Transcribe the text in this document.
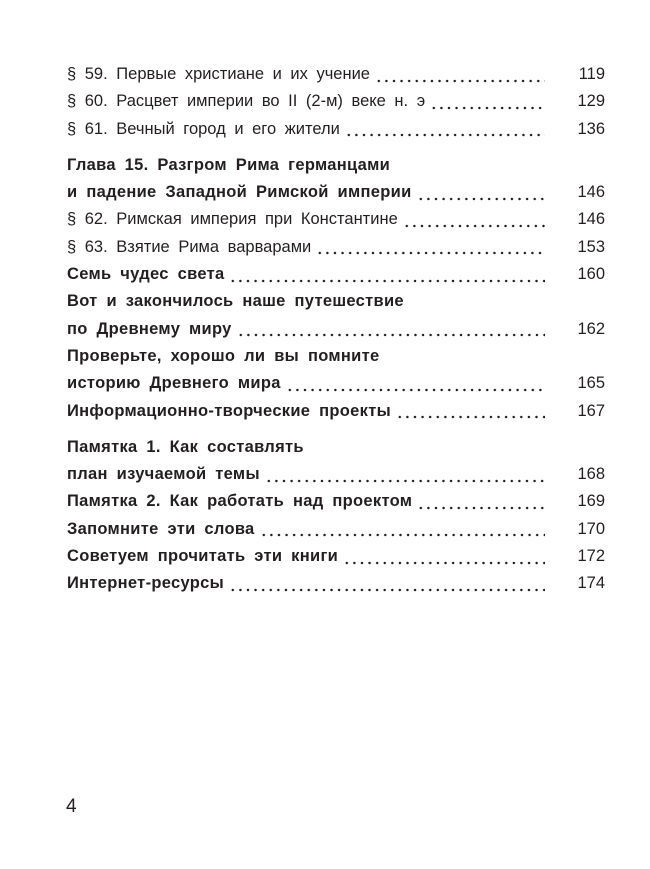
§ 59. Первые христиане и их учение	119
§ 60. Расцвет империи во II (2-м) веке н. э	129
§ 61. Вечный город и его жители	136
Глава 15. Разгром Рима германцами
и падение Западной Римской империи	146
§ 62. Римская империя при Константине	146
§ 63. Взятие Рима варварами	153
Семь чудес света	160
Вот и закончилось наше путешествие
по Древнему миру	162
Проверьте, хорошо ли вы помните
историю Древнего мира	165
Информационно-творческие проекты	167
Памятка 1. Как составлять
план изучаемой темы	168
Памятка 2. Как работать над проектом	169
Запомните эти слова	170
Советуем прочитать эти книги	172
Интернет-ресурсы	174
4
